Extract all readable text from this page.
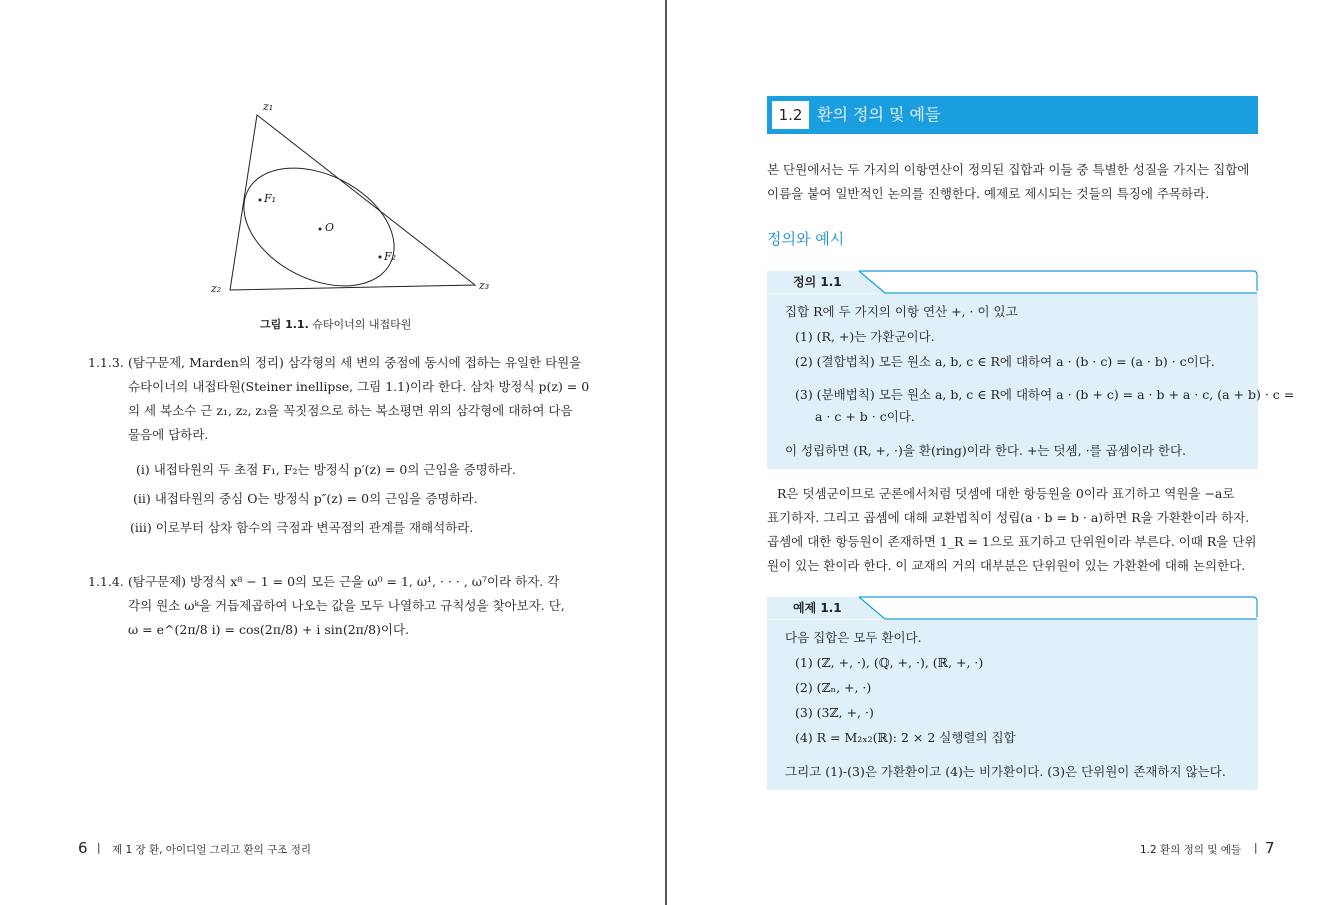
z₁
z₂	z₃
F₁
F₂
O
그림 1.1. 슈타이너의 내접타원
1.1.3. (탐구문제, Marden의 정리) 삼각형의 세 변의 중점에 동시에 접하는 유일한 타원을
슈타이너의 내접타원(Steiner inellipse, 그림 1.1)이라 한다. 삼차 방정식 p(z) = 0
의 세 복소수 근 z₁, z₂, z₃을 꼭짓점으로 하는 복소평면 위의 삼각형에 대하여 다음
물음에 답하라.
(i) 내접타원의 두 초점 F₁, F₂는 방정식 p′(z) = 0의 근임을 증명하라.
(ii) 내접타원의 중심 O는 방정식 p″(z) = 0의 근임을 증명하라.
(iii) 이로부터 삼차 함수의 극점과 변곡점의 관계를 재해석하라.
1.1.4. (탐구문제) 방정식 x⁸ − 1 = 0의 모든 근을 ω⁰ = 1, ω¹, · · · , ω⁷이라 하자. 각
각의 원소 ωᵏ을 거듭제곱하여 나오는 값을 모두 나열하고 규칙성을 찾아보자. 단,
ω = e^(2π/8 i) = cos(2π/8) + i sin(2π/8)이다.
6 | 제 1 장 환, 아이디얼 그리고 환의 구조 정리
1.2 환의 정의 및 예들
본 단원에서는 두 가지의 이항연산이 정의된 집합과 이들 중 특별한 성질을 가지는 집합에
이름을 붙여 일반적인 논의를 진행한다. 예제로 제시되는 것들의 특징에 주목하라.
정의와 예시
정의 1.1
집합 R에 두 가지의 이항 연산 +, · 이 있고
(1) (R, +)는 가환군이다.
(2) (결합법칙) 모든 원소 a, b, c ∈ R에 대하여 a · (b · c) = (a · b) · c이다.
(3) (분배법칙) 모든 원소 a, b, c ∈ R에 대하여 a · (b + c) = a · b + a · c, (a + b) · c =
a · c + b · c이다.
이 성립하면 (R, +, ·)을 환(ring)이라 한다. +는 덧셈, ·를 곱셈이라 한다.
R은 덧셈군이므로 군론에서처럼 덧셈에 대한 항등원을 0이라 표기하고 역원을 −a로
표기하자. 그리고 곱셈에 대해 교환법칙이 성립(a · b = b · a)하면 R을 가환환이라 하자.
곱셈에 대한 항등원이 존재하면 1_R = 1으로 표기하고 단위원이라 부른다. 이때 R을 단위
원이 있는 환이라 한다. 이 교재의 거의 대부분은 단위원이 있는 가환환에 대해 논의한다.
예제 1.1
다음 집합은 모두 환이다.
(1) (ℤ, +, ·), (ℚ, +, ·), (ℝ, +, ·)
(2) (ℤₙ, +, ·)
(3) (3ℤ, +, ·)
(4) R = M₂ₓ₂(ℝ): 2 × 2 실행렬의 집합
그리고 (1)-(3)은 가환환이고 (4)는 비가환이다. (3)은 단위원이 존재하지 않는다.
1.2 환의 정의 및 예들 | 7
